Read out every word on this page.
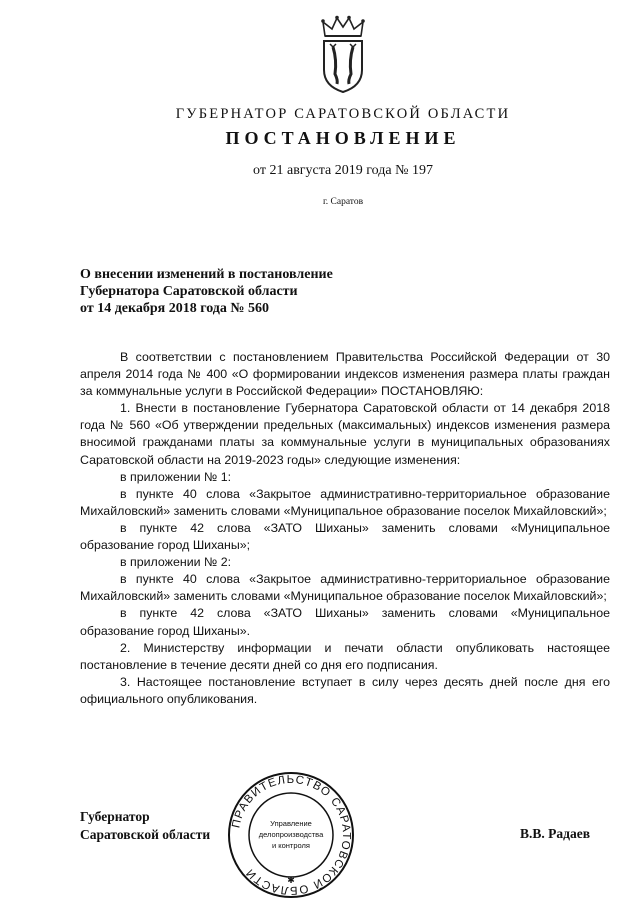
ГУБЕРНАТОР САРАТОВСКОЙ ОБЛАСТИ
ПОСТАНОВЛЕНИЕ
от 21 августа 2019 года № 197
г. Саратов
О внесении изменений в постановление
Губернатора Саратовской области
от 14 декабря 2018 года № 560

В соответствии с постановлением Правительства Российской Федерации от 30 апреля 2014 года № 400 «О формировании индексов изменения размера платы граждан за коммунальные услуги в Российской Федерации» ПОСТАНОВЛЯЮ:

1. Внести в постановление Губернатора Саратовской области от 14 декабря 2018 года № 560 «Об утверждении предельных (максимальных) индексов изменения размера вносимой гражданами платы за коммунальные услуги в муниципальных образованиях Саратовской области на 2019-2023 годы» следующие изменения:

в приложении № 1:

в пункте 40 слова «Закрытое административно-территориальное образование Михайловский» заменить словами «Муниципальное образование поселок Михайловский»;

в пункте 42 слова «ЗАТО Шиханы» заменить словами «Муниципальное образование город Шиханы»;

в приложении № 2:

в пункте 40 слова «Закрытое административно-территориальное образование Михайловский» заменить словами «Муниципальное образование поселок Михайловский»;

в пункте 42 слова «ЗАТО Шиханы» заменить словами «Муниципальное образование город Шиханы».

2. Министерству информации и печати области опубликовать настоящее постановление в течение десяти дней со дня его подписания.

3. Настоящее постановление вступает в силу через десять дней после дня его официального опубликования.

Губернатор
Саратовской области	В.В. Радаев
ПРАВИТЕЛЬСТВО САРАТОВСКОЙ ОБЛАСТИ
Управление
делопроизводства
и контроля
✱
